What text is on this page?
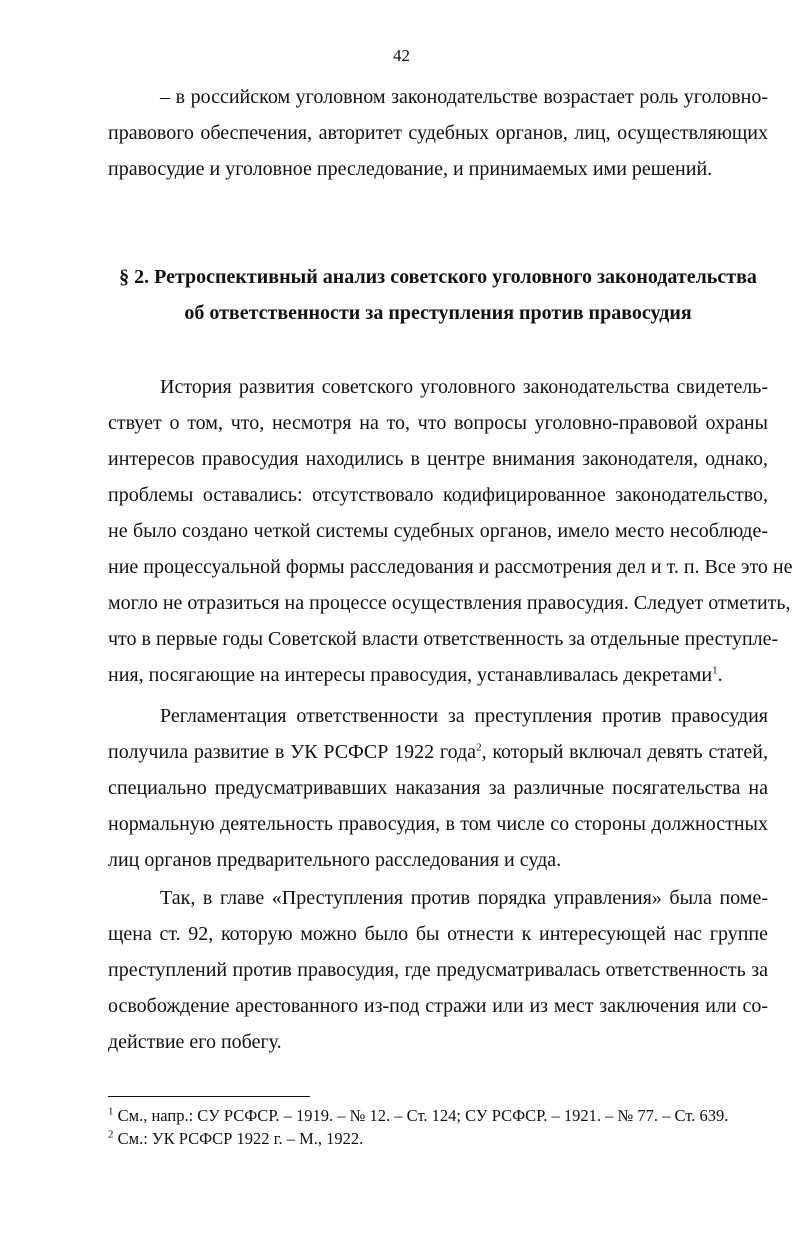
42
– в российском уголовном законодательстве возрастает роль уголовно-
правового обеспечения, авторитет судебных органов, лиц, осуществляющих
правосудие и уголовное преследование, и принимаемых ими решений.
§ 2. Ретроспективный анализ советского уголовного законодательства
об ответственности за преступления против правосудия
История развития советского уголовного законодательства свидетель-
ствует о том, что, несмотря на то, что вопросы уголовно-правовой охраны
интересов правосудия находились в центре внимания законодателя, однако,
проблемы оставались: отсутствовало кодифицированное законодательство,
не было создано четкой системы судебных органов, имело место несоблюде-
ние процессуальной формы расследования и рассмотрения дел и т. п. Все это не
могло не отразиться на процессе осуществления правосудия. Следует отметить,
что в первые годы Советской власти ответственность за отдельные преступле-
ния, посягающие на интересы правосудия, устанавливалась декретами$^1$.
Регламентация ответственности за преступления против правосудия
получила развитие в УК РСФСР 1922 года$^2$, который включал девять статей,
специально предусматривавших наказания за различные посягательства на
нормальную деятельность правосудия, в том числе со стороны должностных
лиц органов предварительного расследования и суда.
Так, в главе «Преступления против порядка управления» была поме-
щена ст. 92, которую можно было бы отнести к интересующей нас группе
преступлений против правосудия, где предусматривалась ответственность за
освобождение арестованного из-под стражи или из мест заключения или со-
действие его побегу.
$^1$ См., напр.: СУ РСФСР. – 1919. – № 12. – Ст. 124; СУ РСФСР. – 1921. – № 77. – Ст. 639.
$^2$ См.: УК РСФСР 1922 г. – М., 1922.
